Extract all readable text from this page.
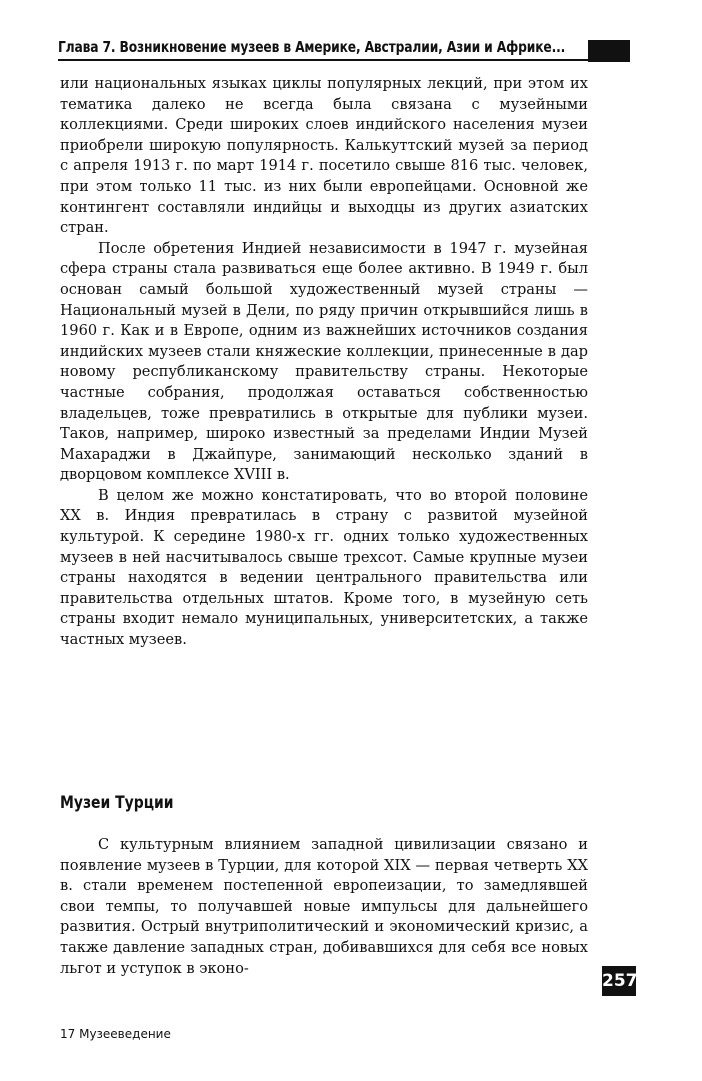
Глава 7. Возникновение музеев в Америке, Австралии, Азии и Африке...

или национальных языках циклы популярных лекций, при этом их тематика далеко не всегда была связана с музейными коллекциями. Среди широких слоев индийского населения музеи приобрели широкую популярность. Калькуттский музей за период с апреля 1913 г. по март 1914 г. посетило свыше 816 тыс. человек, при этом только 11 тыс. из них были европейцами. Основной же контингент составляли индийцы и выходцы из других азиатских стран.

После обретения Индией независимости в 1947 г. музейная сфера страны стала развиваться еще более активно. В 1949 г. был основан самый большой художественный музей страны — Национальный музей в Дели, по ряду причин открывшийся лишь в 1960 г. Как и в Европе, одним из важнейших источников создания индийских музеев стали княжеские коллекции, принесенные в дар новому республиканскому правительству страны. Некоторые частные собрания, продолжая оставаться собственностью владельцев, тоже превратились в открытые для публики музеи. Таков, например, широко известный за пределами Индии Музей Махараджи в Джайпуре, занимающий несколько зданий в дворцовом комплексе XVIII в.

В целом же можно констатировать, что во второй половине XX в. Индия превратилась в страну с развитой музейной культурой. К середине 1980-х гг. одних только художественных музеев в ней насчитывалось свыше трехсот. Самые крупные музеи страны находятся в ведении центрального правительства или правительства отдельных штатов. Кроме того, в музейную сеть страны входит немало муниципальных, университетских, а также частных музеев.

Музеи Турции

С культурным влиянием западной цивилизации связано и появление музеев в Турции, для которой XIX — первая четверть XX в. стали временем постепенной европеизации, то замедлявшей свои темпы, то получавшей новые импульсы для дальнейшего развития. Острый внутриполитический и экономический кризис, а также давление западных стран, добивавшихся для себя все новых льгот и уступок в эконо-

257
17 Музееведение
